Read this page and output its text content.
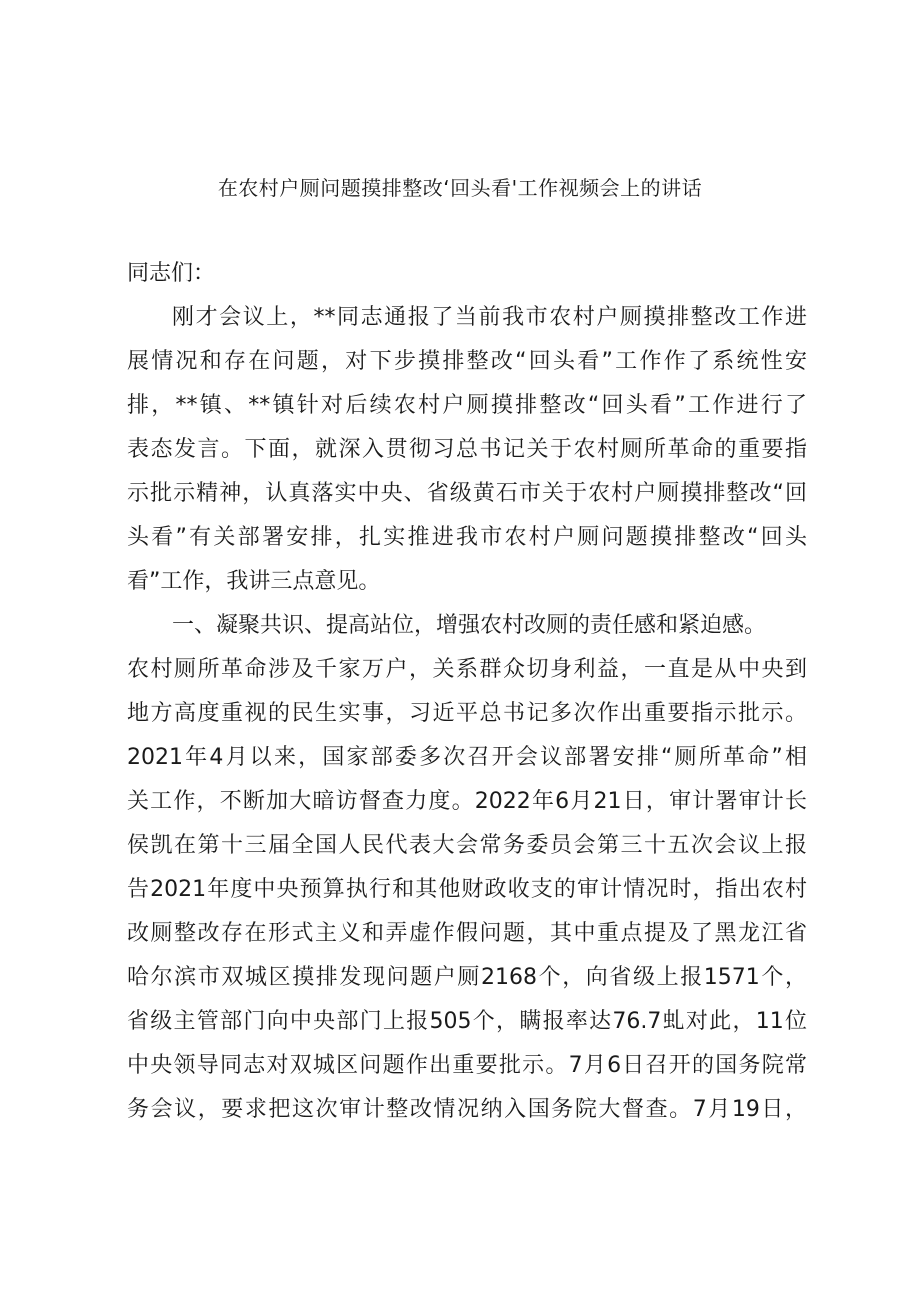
在农村户厕问题摸排整改‘回头看'工作视频会上的讲话

同志们：

刚才会议上，**同志通报了当前我市农村户厕摸排整改工作进

展情况和存在问题，对下步摸排整改“回头看”工作作了系统性安

排，**镇、**镇针对后续农村户厕摸排整改“回头看”工作进行了

表态发言。下面，就深入贯彻习总书记关于农村厕所革命的重要指

示批示精神，认真落实中央、省级黄石市关于农村户厕摸排整改“回

头看”有关部署安排，扎实推进我市农村户厕问题摸排整改“回头

看”工作，我讲三点意见。

一、凝聚共识、提高站位，增强农村改厕的责任感和紧迫感。

农村厕所革命涉及千家万户，关系群众切身利益，一直是从中央到

地方高度重视的民生实事，习近平总书记多次作出重要指示批示。

2021年4月以来，国家部委多次召开会议部署安排“厕所革命”相

关工作，不断加大暗访督查力度。2022年6月21日，审计署审计长

侯凯在第十三届全国人民代表大会常务委员会第三十五次会议上报

告2021年度中央预算执行和其他财政收支的审计情况时，指出农村

改厕整改存在形式主义和弄虚作假问题，其中重点提及了黑龙江省

哈尔滨市双城区摸排发现问题户厕2168个，向省级上报1571个，

省级主管部门向中央部门上报505个，瞒报率达76.7虬对此，11位

中央领导同志对双城区问题作出重要批示。7月6日召开的国务院常

务会议，要求把这次审计整改情况纳入国务院大督查。7月19日，
